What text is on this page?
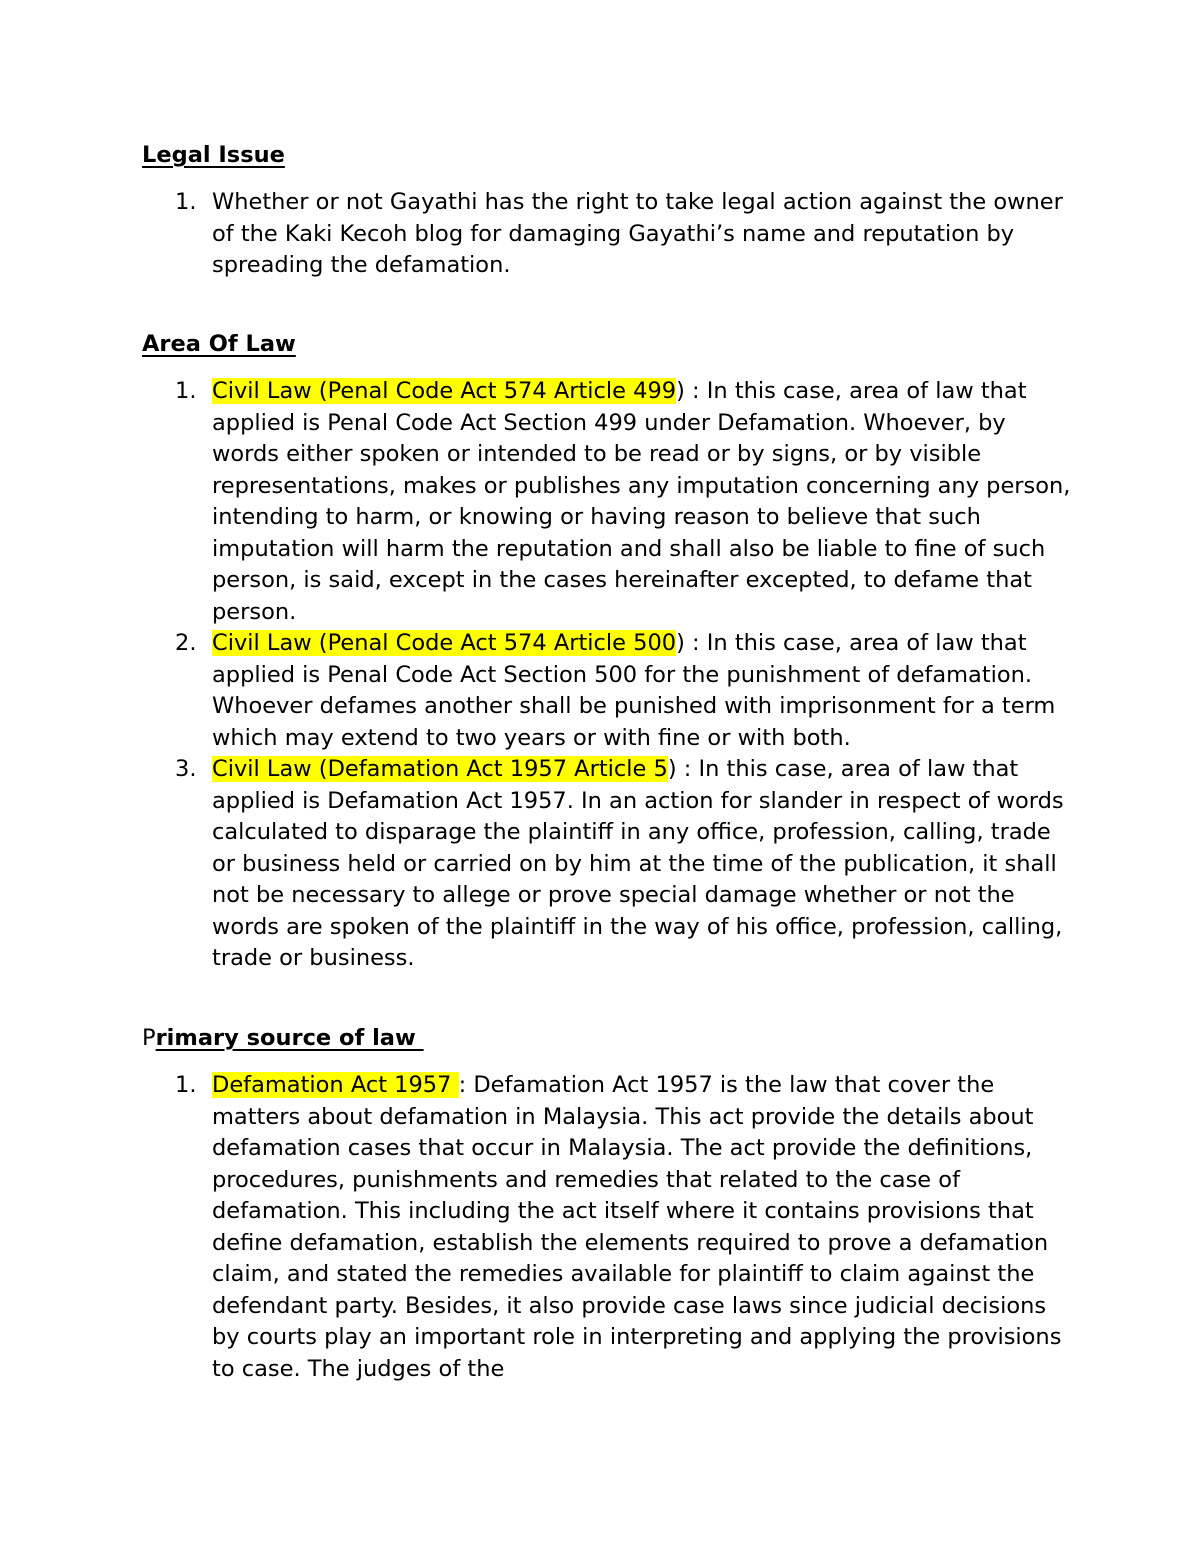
Legal Issue
1. Whether or not Gayathi has the right to take legal action against the owner of the Kaki Kecoh blog for damaging Gayathi’s name and reputation by spreading the defamation.
Area Of Law
1. Civil Law (Penal Code Act 574 Article 499) : In this case, area of law that applied is Penal Code Act Section 499 under Defamation. Whoever, by words either spoken or intended to be read or by signs, or by visible representations, makes or publishes any imputation concerning any person, intending to harm, or knowing or having reason to believe that such imputation will harm the reputation and shall also be liable to fine of such person, is said, except in the cases hereinafter excepted, to defame that person.
2. Civil Law (Penal Code Act 574 Article 500) : In this case, area of law that applied is Penal Code Act Section 500 for the punishment of defamation. Whoever defames another shall be punished with imprisonment for a term which may extend to two years or with fine or with both.
3. Civil Law (Defamation Act 1957 Article 5) : In this case, area of law that applied is Defamation Act 1957. In an action for slander in respect of words calculated to disparage the plaintiff in any office, profession, calling, trade or business held or carried on by him at the time of the publication, it shall not be necessary to allege or prove special damage whether or not the words are spoken of the plaintiff in the way of his office, profession, calling, trade or business.
Primary source of law
1. Defamation Act 1957 : Defamation Act 1957 is the law that cover the matters about defamation in Malaysia. This act provide the details about defamation cases that occur in Malaysia. The act provide the definitions, procedures, punishments and remedies that related to the case of defamation. This including the act itself where it contains provisions that define defamation, establish the elements required to prove a defamation claim, and stated the remedies available for plaintiff to claim against the defendant party. Besides, it also provide case laws since judicial decisions by courts play an important role in interpreting and applying the provisions to case. The judges of the
